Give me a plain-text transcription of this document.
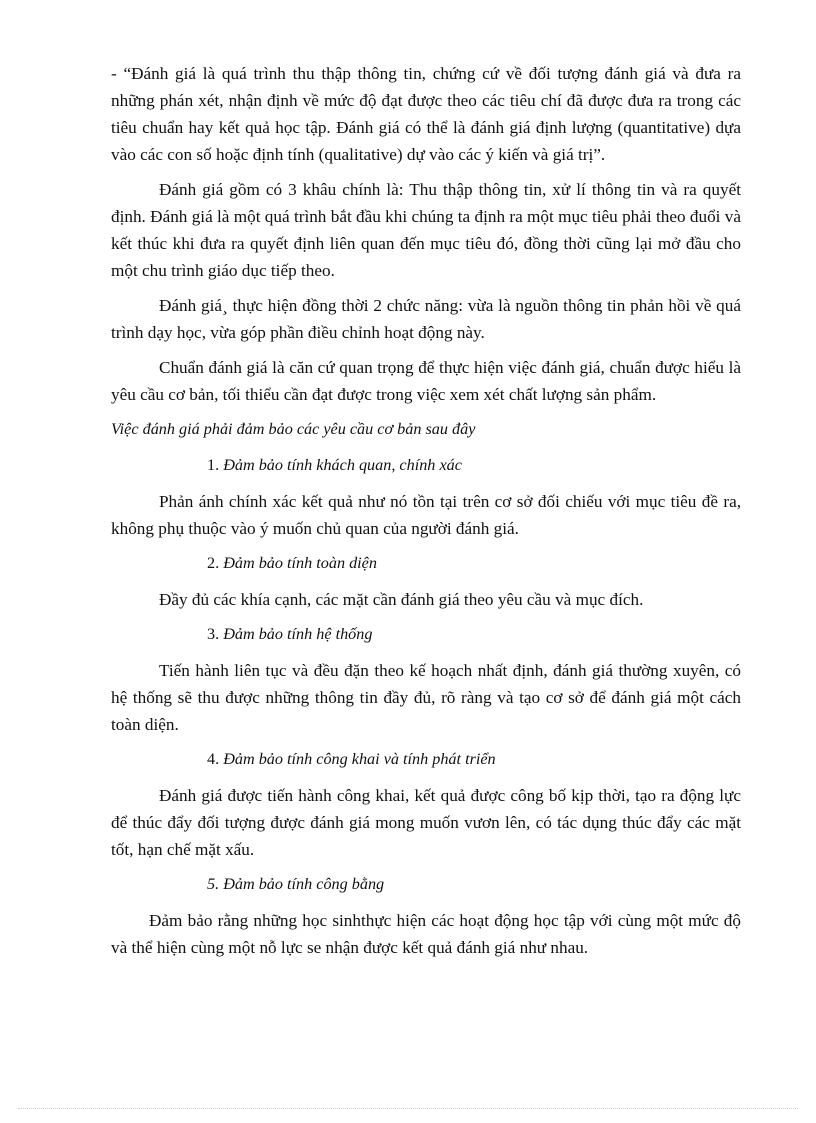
- “Đánh giá là quá trình thu thập thông tin, chứng cứ về đối tượng đánh giá và đưa ra những phán xét, nhận định về mức độ đạt được theo các tiêu chí đã được đưa ra trong các tiêu chuẩn hay kết quả học tập. Đánh giá có thể là đánh giá định lượng (quantitative) dựa vào các con số hoặc định tính (qualitative) dự vào các ý kiến và giá trị”.

Đánh giá gồm có 3 khâu chính là: Thu thập thông tin, xử lí thông tin và ra quyết định. Đánh giá là một quá trình bắt đầu khi chúng ta định ra một mục tiêu phải theo đuổi và kết thúc khi đưa ra quyết định liên quan đến mục tiêu đó, đồng thời cũng lại mở đầu cho một chu trình giáo dục tiếp theo.

Đánh giá¸ thực hiện đồng thời 2 chức năng: vừa là nguồn thông tin phản hồi về quá trình dạy học, vừa góp phần điều chỉnh hoạt động này.

Chuẩn đánh giá là căn cứ quan trọng để thực hiện việc đánh giá, chuẩn được hiểu là yêu cầu cơ bản, tối thiểu cần đạt được trong việc xem xét chất lượng sản phẩm.

Việc đánh giá phải đảm bảo các yêu cầu cơ bản sau đây

1. Đảm bảo tính khách quan, chính xác

Phản ánh chính xác kết quả như nó tồn tại trên cơ sở đối chiếu với mục tiêu đề ra, không phụ thuộc vào ý muốn chủ quan của người đánh giá.

2. Đảm bảo tính toàn diện

Đầy đủ các khía cạnh, các mặt cần đánh giá theo yêu cầu và mục đích.

3. Đảm bảo tính hệ thống

Tiến hành liên tục và đều đặn theo kế hoạch nhất định, đánh giá thường xuyên, có hệ thống sẽ thu được những thông tin đầy đủ, rõ ràng và tạo cơ sở để đánh giá một cách toàn diện.

4. Đảm bảo tính công khai và tính phát triển

Đánh giá được tiến hành công khai, kết quả được công bố kịp thời, tạo ra động lực để thúc đẩy đối tượng được đánh giá mong muốn vươn lên, có tác dụng thúc đẩy các mặt tốt, hạn chế mặt xấu.

5. Đảm bảo tính công bằng

Đảm bảo rằng những học sinhthực hiện các hoạt động học tập với cùng một mức độ và thể hiện cùng một nỗ lực se nhận được kết quả đánh giá như nhau.
